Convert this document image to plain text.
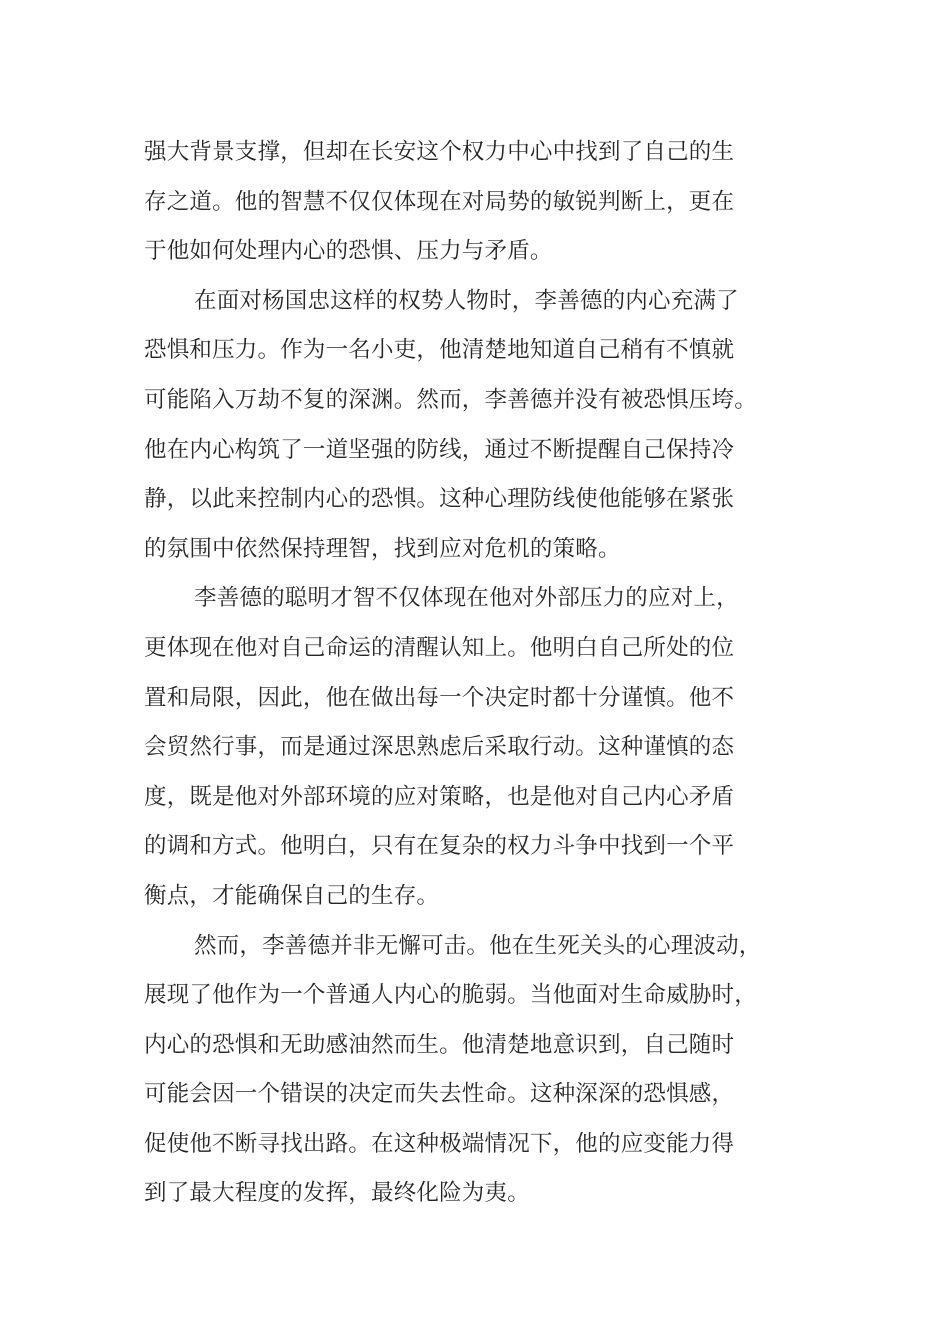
强大背景支撑，但却在长安这个权力中心中找到了自己的生
存之道。他的智慧不仅仅体现在对局势的敏锐判断上，更在
于他如何处理内心的恐惧、压力与矛盾。
在面对杨国忠这样的权势人物时，李善德的内心充满了
恐惧和压力。作为一名小吏，他清楚地知道自己稍有不慎就
可能陷入万劫不复的深渊。然而，李善德并没有被恐惧压垮。
他在内心构筑了一道坚强的防线，通过不断提醒自己保持冷
静，以此来控制内心的恐惧。这种心理防线使他能够在紧张
的氛围中依然保持理智，找到应对危机的策略。
李善德的聪明才智不仅体现在他对外部压力的应对上，
更体现在他对自己命运的清醒认知上。他明白自己所处的位
置和局限，因此，他在做出每一个决定时都十分谨慎。他不
会贸然行事，而是通过深思熟虑后采取行动。这种谨慎的态
度，既是他对外部环境的应对策略，也是他对自己内心矛盾
的调和方式。他明白，只有在复杂的权力斗争中找到一个平
衡点，才能确保自己的生存。
然而，李善德并非无懈可击。他在生死关头的心理波动，
展现了他作为一个普通人内心的脆弱。当他面对生命威胁时，
内心的恐惧和无助感油然而生。他清楚地意识到，自己随时
可能会因一个错误的决定而失去性命。这种深深的恐惧感，
促使他不断寻找出路。在这种极端情况下，他的应变能力得
到了最大程度的发挥，最终化险为夷。
